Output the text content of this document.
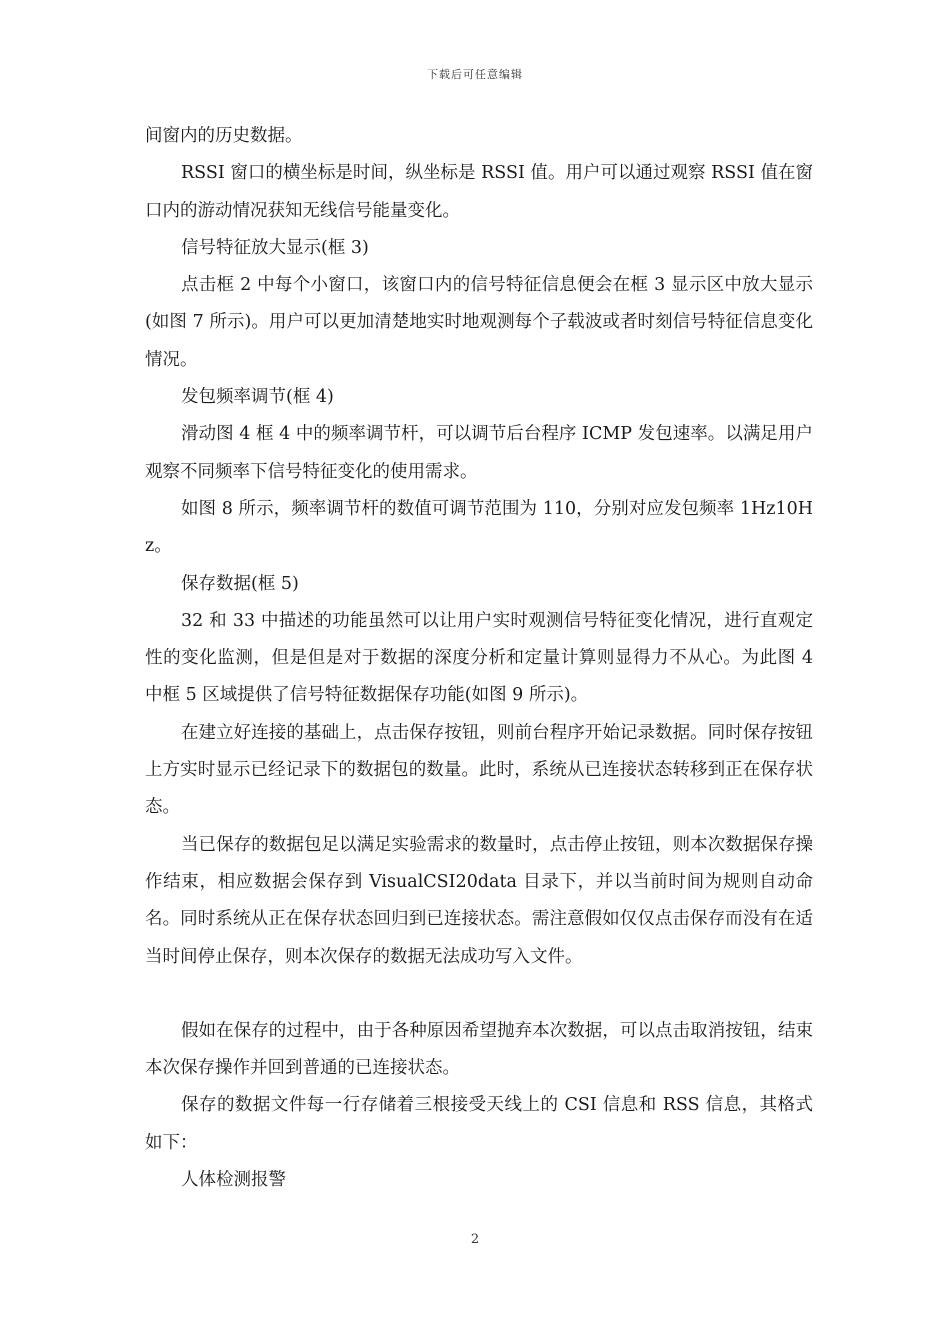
下载后可任意编辑

间窗内的历史数据。

RSSI 窗口的横坐标是时间，纵坐标是 RSSI 值。用户可以通过观察 RSSI 值在窗口内的游动情况获知无线信号能量变化。

信号特征放大显示(框 3)

点击框 2 中每个小窗口，该窗口内的信号特征信息便会在框 3 显示区中放大显示(如图 7 所示)。用户可以更加清楚地实时地观测每个子载波或者时刻信号特征信息变化情况。

发包频率调节(框 4)

滑动图 4 框 4 中的频率调节杆，可以调节后台程序 ICMP 发包速率。以满足用户观察不同频率下信号特征变化的使用需求。

如图 8 所示，频率调节杆的数值可调节范围为 110，分别对应发包频率 1Hz10Hz。

保存数据(框 5)

32 和 33 中描述的功能虽然可以让用户实时观测信号特征变化情况，进行直观定性的变化监测，但是但是对于数据的深度分析和定量计算则显得力不从心。为此图 4 中框 5 区域提供了信号特征数据保存功能(如图 9 所示)。

在建立好连接的基础上，点击保存按钮，则前台程序开始记录数据。同时保存按钮上方实时显示已经记录下的数据包的数量。此时，系统从已连接状态转移到正在保存状态。

当已保存的数据包足以满足实验需求的数量时，点击停止按钮，则本次数据保存操作结束，相应数据会保存到 VisualCSI20data 目录下，并以当前时间为规则自动命名。同时系统从正在保存状态回归到已连接状态。需注意假如仅仅点击保存而没有在适当时间停止保存，则本次保存的数据无法成功写入文件。

假如在保存的过程中，由于各种原因希望抛弃本次数据，可以点击取消按钮，结束本次保存操作并回到普通的已连接状态。

保存的数据文件每一行存储着三根接受天线上的 CSI 信息和 RSS 信息，其格式如下：

人体检测报警

2
